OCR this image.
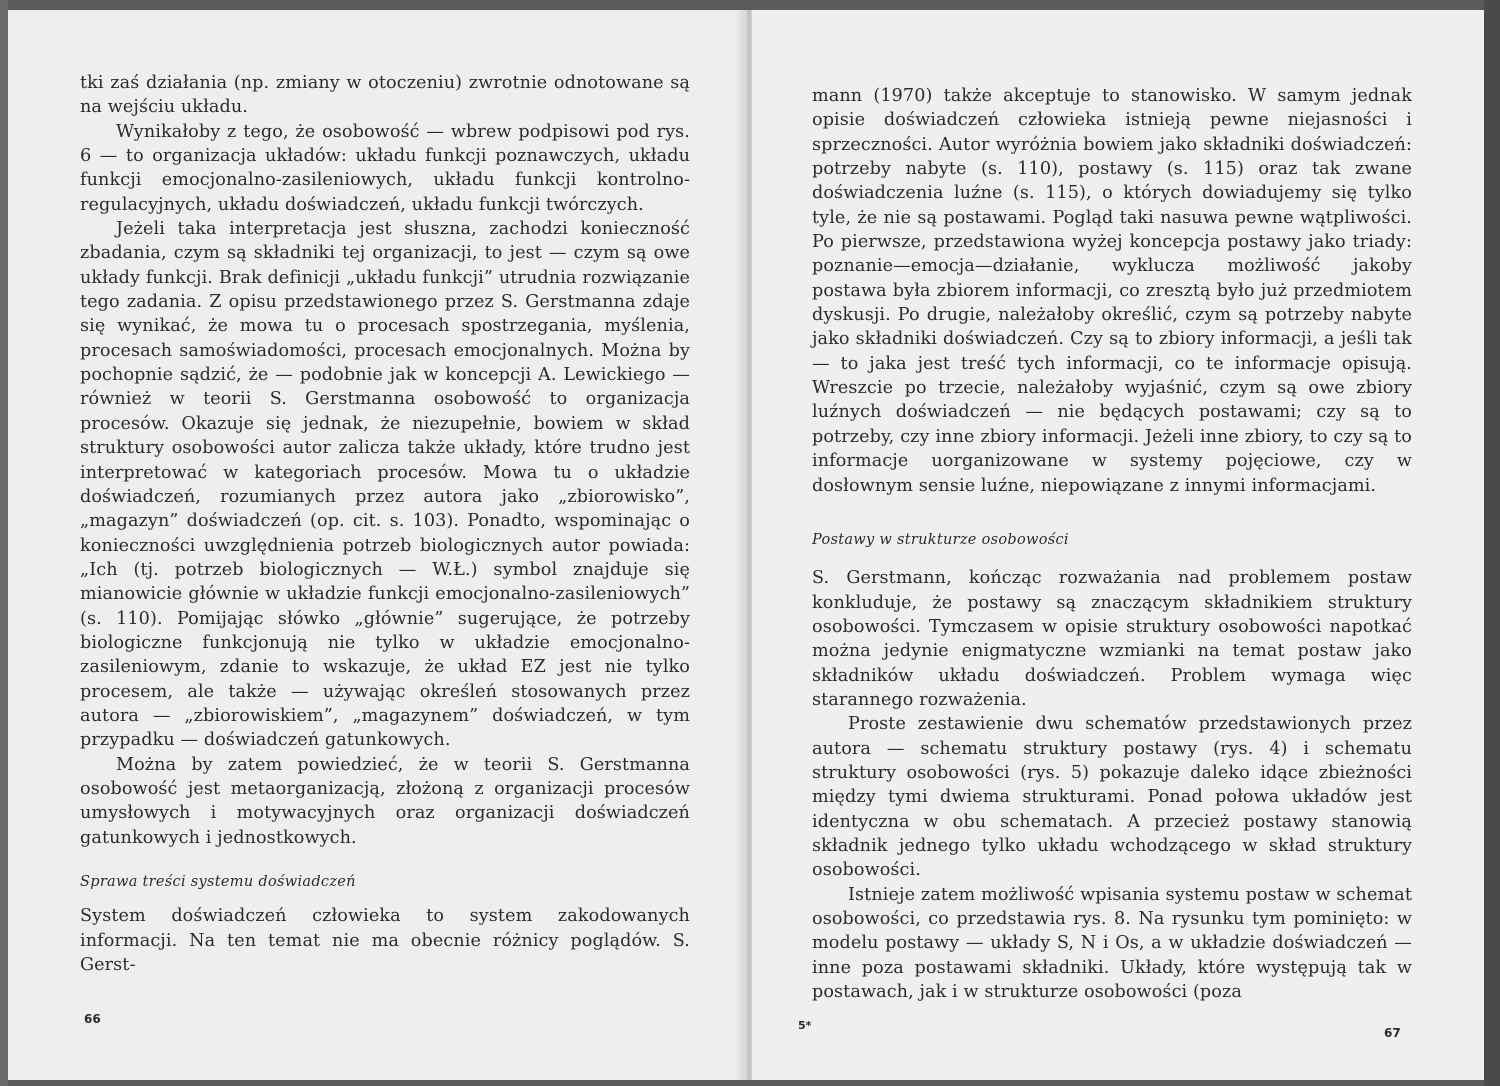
tki zaś działania (np. zmiany w otoczeniu) zwrotnie odnotowane są na wejściu układu.

Wynikałoby z tego, że osobowość — wbrew podpisowi pod rys. 6 — to organizacja układów: układu funkcji poznawczych, układu funkcji emocjonalno-zasileniowych, układu funkcji kontrolno-regulacyjnych, układu doświadczeń, układu funkcji twórczych.

Jeżeli taka interpretacja jest słuszna, zachodzi konieczność zbadania, czym są składniki tej organizacji, to jest — czym są owe układy funkcji. Brak definicji „układu funkcji” utrudnia rozwiązanie tego zadania. Z opisu przedstawionego przez S. Gerstmanna zdaje się wynikać, że mowa tu o procesach spostrzegania, myślenia, procesach samoświadomości, procesach emocjonalnych. Można by pochopnie sądzić, że — podobnie jak w koncepcji A. Lewickiego — również w teorii S. Gerstmanna osobowość to organizacja procesów. Okazuje się jednak, że niezupełnie, bowiem w skład struktury osobowości autor zalicza także układy, które trudno jest interpretować w kategoriach procesów. Mowa tu o układzie doświadczeń, rozumianych przez autora jako „zbiorowisko”, „magazyn” doświadczeń (op. cit. s. 103). Ponadto, wspominając o konieczności uwzględnienia potrzeb biologicznych autor powiada: „Ich (tj. potrzeb biologicznych — W.Ł.) symbol znajduje się mianowicie głównie w układzie funkcji emocjonalno-zasileniowych” (s. 110). Pomijając słówko „głównie” sugerujące, że potrzeby biologiczne funkcjonują nie tylko w układzie emocjonalno-zasileniowym, zdanie to wskazuje, że układ EZ jest nie tylko procesem, ale także — używając określeń stosowanych przez autora — „zbiorowiskiem”, „magazynem” doświadczeń, w tym przypadku — doświadczeń gatunkowych.

Można by zatem powiedzieć, że w teorii S. Gerstmanna osobowość jest metaorganizacją, złożoną z organizacji procesów umysłowych i motywacyjnych oraz organizacji doświadczeń gatunkowych i jednostkowych.

Sprawa treści systemu doświadczeń

System doświadczeń człowieka to system zakodowanych informacji. Na ten temat nie ma obecnie różnicy poglądów. S. Gerst-

66

mann (1970) także akceptuje to stanowisko. W samym jednak opisie doświadczeń człowieka istnieją pewne niejasności i sprzeczności. Autor wyróżnia bowiem jako składniki doświadczeń: potrzeby nabyte (s. 110), postawy (s. 115) oraz tak zwane doświadczenia luźne (s. 115), o których dowiadujemy się tylko tyle, że nie są postawami. Pogląd taki nasuwa pewne wątpliwości. Po pierwsze, przedstawiona wyżej koncepcja postawy jako triady: poznanie—emocja—działanie, wyklucza możliwość jakoby postawa była zbiorem informacji, co zresztą było już przedmiotem dyskusji. Po drugie, należałoby określić, czym są potrzeby nabyte jako składniki doświadczeń. Czy są to zbiory informacji, a jeśli tak — to jaka jest treść tych informacji, co te informacje opisują. Wreszcie po trzecie, należałoby wyjaśnić, czym są owe zbiory luźnych doświadczeń — nie będących postawami; czy są to potrzeby, czy inne zbiory informacji. Jeżeli inne zbiory, to czy są to informacje uorganizowane w systemy pojęciowe, czy w dosłownym sensie luźne, niepowiązane z innymi informacjami.

Postawy w strukturze osobowości

S. Gerstmann, kończąc rozważania nad problemem postaw konkluduje, że postawy są znaczącym składnikiem struktury osobowości. Tymczasem w opisie struktury osobowości napotkać można jedynie enigmatyczne wzmianki na temat postaw jako składników układu doświadczeń. Problem wymaga więc starannego rozważenia.

Proste zestawienie dwu schematów przedstawionych przez autora — schematu struktury postawy (rys. 4) i schematu struktury osobowości (rys. 5) pokazuje daleko idące zbieżności między tymi dwiema strukturami. Ponad połowa układów jest identyczna w obu schematach. A przecież postawy stanowią składnik jednego tylko układu wchodzącego w skład struktury osobowości.

Istnieje zatem możliwość wpisania systemu postaw w schemat osobowości, co przedstawia rys. 8. Na rysunku tym pominięto: w modelu postawy — układy S, N i Os, a w układzie doświadczeń — inne poza postawami składniki. Układy, które występują tak w postawach, jak i w strukturze osobowości (poza

5*
67
